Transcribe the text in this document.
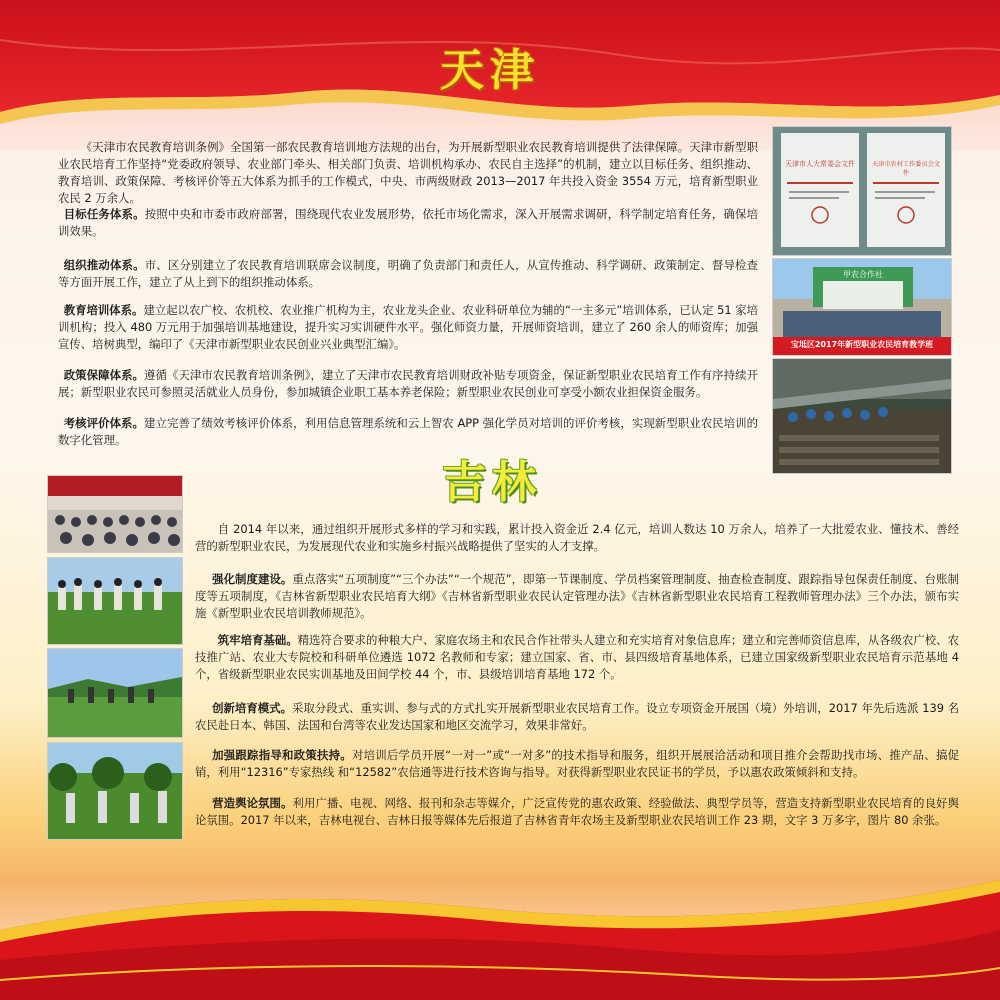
天津

《天津市农民教育培训条例》全国第一部农民教育培训地方法规的出台，为开展新型职业农民教育培训提供了法律保障。天津市新型职业农民培育工作坚持“党委政府领导、农业部门牵头、相关部门负责、培训机构承办、农民自主选择”的机制，建立以目标任务、组织推动、教育培训、政策保障、考核评价等五大体系为抓手的工作模式，中央、市两级财政 2013—2017 年共投入资金 3554 万元，培育新型职业农民 2 万余人。

目标任务体系。按照中央和市委市政府部署，围绕现代农业发展形势，依托市场化需求，深入开展需求调研，科学制定培育任务，确保培训效果。

组织推动体系。市、区分别建立了农民教育培训联席会议制度，明确了负责部门和责任人，从宣传推动、科学调研、政策制定、督导检查等方面开展工作，建立了从上到下的组织推动体系。

教育培训体系。建立起以农广校、农机校、农业推广机构为主，农业龙头企业、农业科研单位为辅的“一主多元”培训体系，已认定 51 家培训机构；投入 480 万元用于加强培训基地建设，提升实习实训硬件水平。强化师资力量，开展师资培训，建立了 260 余人的师资库；加强宣传、培树典型，编印了《天津市新型职业农民创业兴业典型汇编》。

政策保障体系。遵循《天津市农民教育培训条例》，建立了天津市农民教育培训财政补贴专项资金，保证新型职业农民培育工作有序持续开展；新型职业农民可参照灵活就业人员身份，参加城镇企业职工基本养老保险；新型职业农民创业可享受小额农业担保资金服务。

考核评价体系。建立完善了绩效考核评价体系，利用信息管理系统和云上智农 APP 强化学员对培训的评价考核，实现新型职业农民培训的数字化管理。

天津市人大常委会文件	天津市农村工作委员会文件
甲农合作社
宝坻区2017年新型职业农民培育教学班
吉林

自 2014 年以来，通过组织开展形式多样的学习和实践，累计投入资金近 2.4 亿元，培训人数达 10 万余人，培养了一大批爱农业、懂技术、善经营的新型职业农民，为发展现代农业和实施乡村振兴战略提供了坚实的人才支撑。

强化制度建设。重点落实“五项制度”“三个办法”“一个规范”，即第一节课制度、学员档案管理制度、抽查检查制度、跟踪指导包保责任制度、台账制度等五项制度，《吉林省新型职业农民培育大纲》《吉林省新型职业农民认定管理办法》《吉林省新型职业农民培育工程教师管理办法》三个办法，颁布实施《新型职业农民培训教师规范》。

筑牢培育基础。精选符合要求的种粮大户、家庭农场主和农民合作社带头人建立和充实培育对象信息库；建立和完善师资信息库，从各级农广校、农技推广站、农业大专院校和科研单位遴选 1072 名教师和专家；建立国家、省、市、县四级培育基地体系，已建立国家级新型职业农民培育示范基地 4 个，省级新型职业农民实训基地及田间学校 44 个，市、县级培训培育基地 172 个。

创新培育模式。采取分段式、重实训、参与式的方式扎实开展新型职业农民培育工作。设立专项资金开展国（境）外培训，2017 年先后选派 139 名农民赴日本、韩国、法国和台湾等农业发达国家和地区交流学习，效果非常好。

加强跟踪指导和政策扶持。对培训后学员开展“一对一”或“一对多”的技术指导和服务，组织开展展洽活动和项目推介会帮助找市场、推产品、搞促销，利用“12316”专家热线 和“12582”农信通等进行技术咨询与指导。对获得新型职业农民证书的学员，予以惠农政策倾斜和支持。

营造舆论氛围。利用广播、电视、网络、报刊和杂志等媒介，广泛宣传党的惠农政策、经验做法、典型学员等，营造支持新型职业农民培育的良好舆论氛围。2017 年以来，吉林电视台、吉林日报等媒体先后报道了吉林省青年农场主及新型职业农民培训工作 23 期，文字 3 万多字，图片 80 余张。
